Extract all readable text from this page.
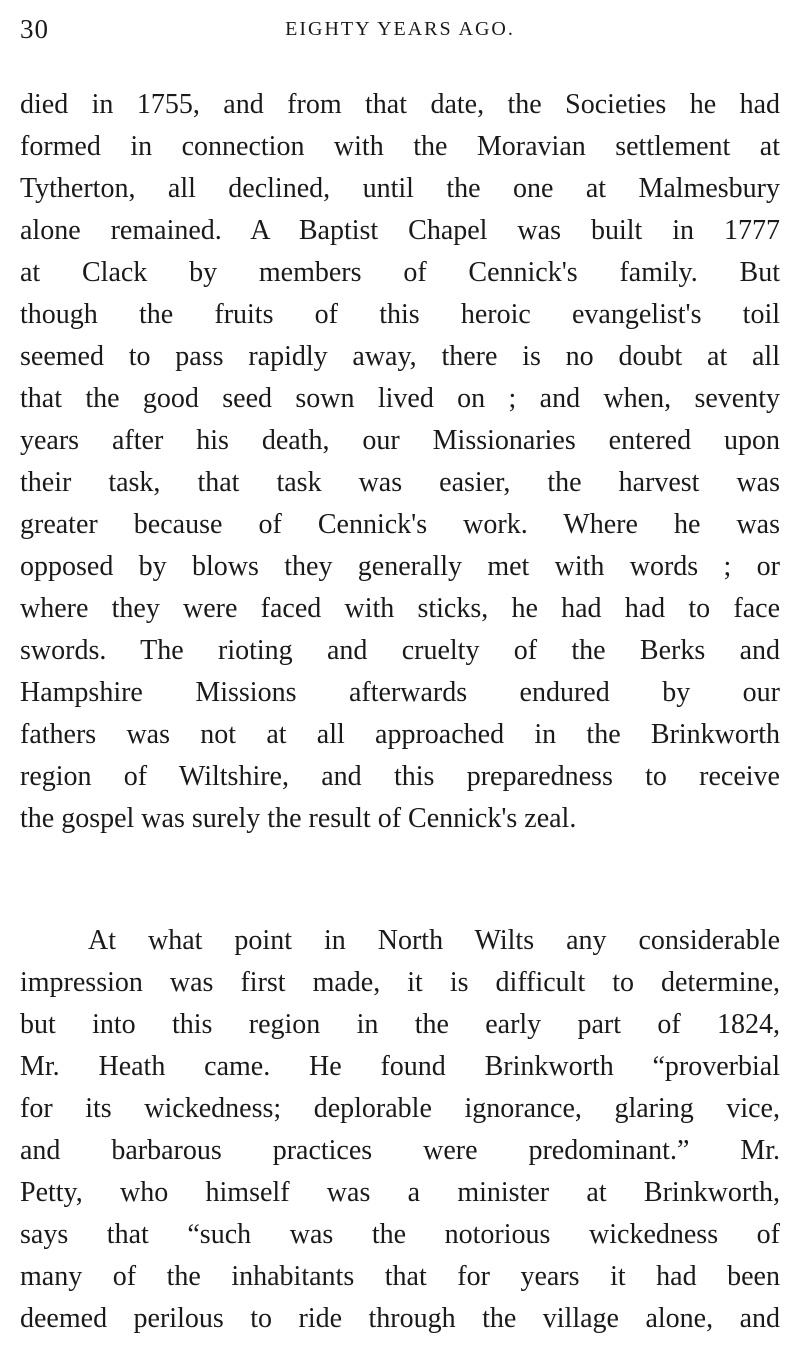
30	EIGHTY YEARS AGO.
died in 1755, and from that date, the Societies he had
formed in connection with the Moravian settlement at
Tytherton, all declined, until the one at Malmesbury
alone remained. A Baptist Chapel was built in 1777
at Clack by members of Cennick's family. But
though the fruits of this heroic evangelist's toil
seemed to pass rapidly away, there is no doubt at all
that the good seed sown lived on ; and when, seventy
years after his death, our Missionaries entered upon
their task, that task was easier, the harvest was
greater because of Cennick's work. Where he was
opposed by blows they generally met with words ; or
where they were faced with sticks, he had had to face
swords. The rioting and cruelty of the Berks and
Hampshire Missions afterwards endured by our
fathers was not at all approached in the Brinkworth
region of Wiltshire, and this preparedness to receive
the gospel was surely the result of Cennick's zeal.
At what point in North Wilts any considerable
impression was first made, it is difficult to determine,
but into this region in the early part of 1824,
Mr. Heath came. He found Brinkworth “proverbial
for its wickedness; deplorable ignorance, glaring vice,
and barbarous practices were predominant.” Mr.
Petty, who himself was a minister at Brinkworth,
says that “such was the notorious wickedness of
many of the inhabitants that for years it had been
deemed perilous to ride through the village alone, and
